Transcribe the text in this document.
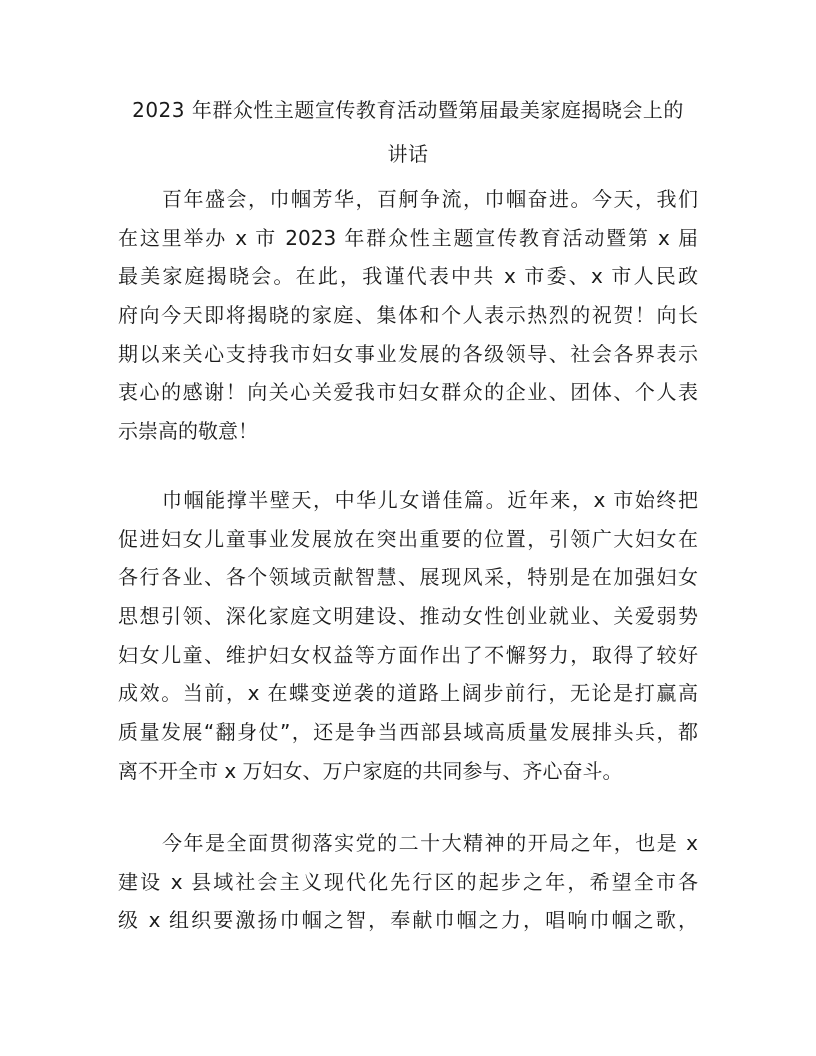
2023 年群众性主题宣传教育活动暨第届最美家庭揭晓会上的
讲话
百年盛会，巾帼芳华，百舸争流，巾帼奋进。今天，我们
在这里举办 x 市 2023 年群众性主题宣传教育活动暨第 x 届
最美家庭揭晓会。在此，我谨代表中共 x 市委、x 市人民政
府向今天即将揭晓的家庭、集体和个人表示热烈的祝贺！向长
期以来关心支持我市妇女事业发展的各级领导、社会各界表示
衷心的感谢！向关心关爱我市妇女群众的企业、团体、个人表
示崇高的敬意！
巾帼能撑半壁天，中华儿女谱佳篇。近年来，x 市始终把
促进妇女儿童事业发展放在突出重要的位置，引领广大妇女在
各行各业、各个领域贡献智慧、展现风采，特别是在加强妇女
思想引领、深化家庭文明建设、推动女性创业就业、关爱弱势
妇女儿童、维护妇女权益等方面作出了不懈努力，取得了较好
成效。当前，x 在蝶变逆袭的道路上阔步前行，无论是打赢高
质量发展“翻身仗”，还是争当西部县域高质量发展排头兵，都
离不开全市 x 万妇女、万户家庭的共同参与、齐心奋斗。
今年是全面贯彻落实党的二十大精神的开局之年，也是 x
建设 x 县域社会主义现代化先行区的起步之年，希望全市各
级 x 组织要激扬巾帼之智，奉献巾帼之力，唱响巾帼之歌，
